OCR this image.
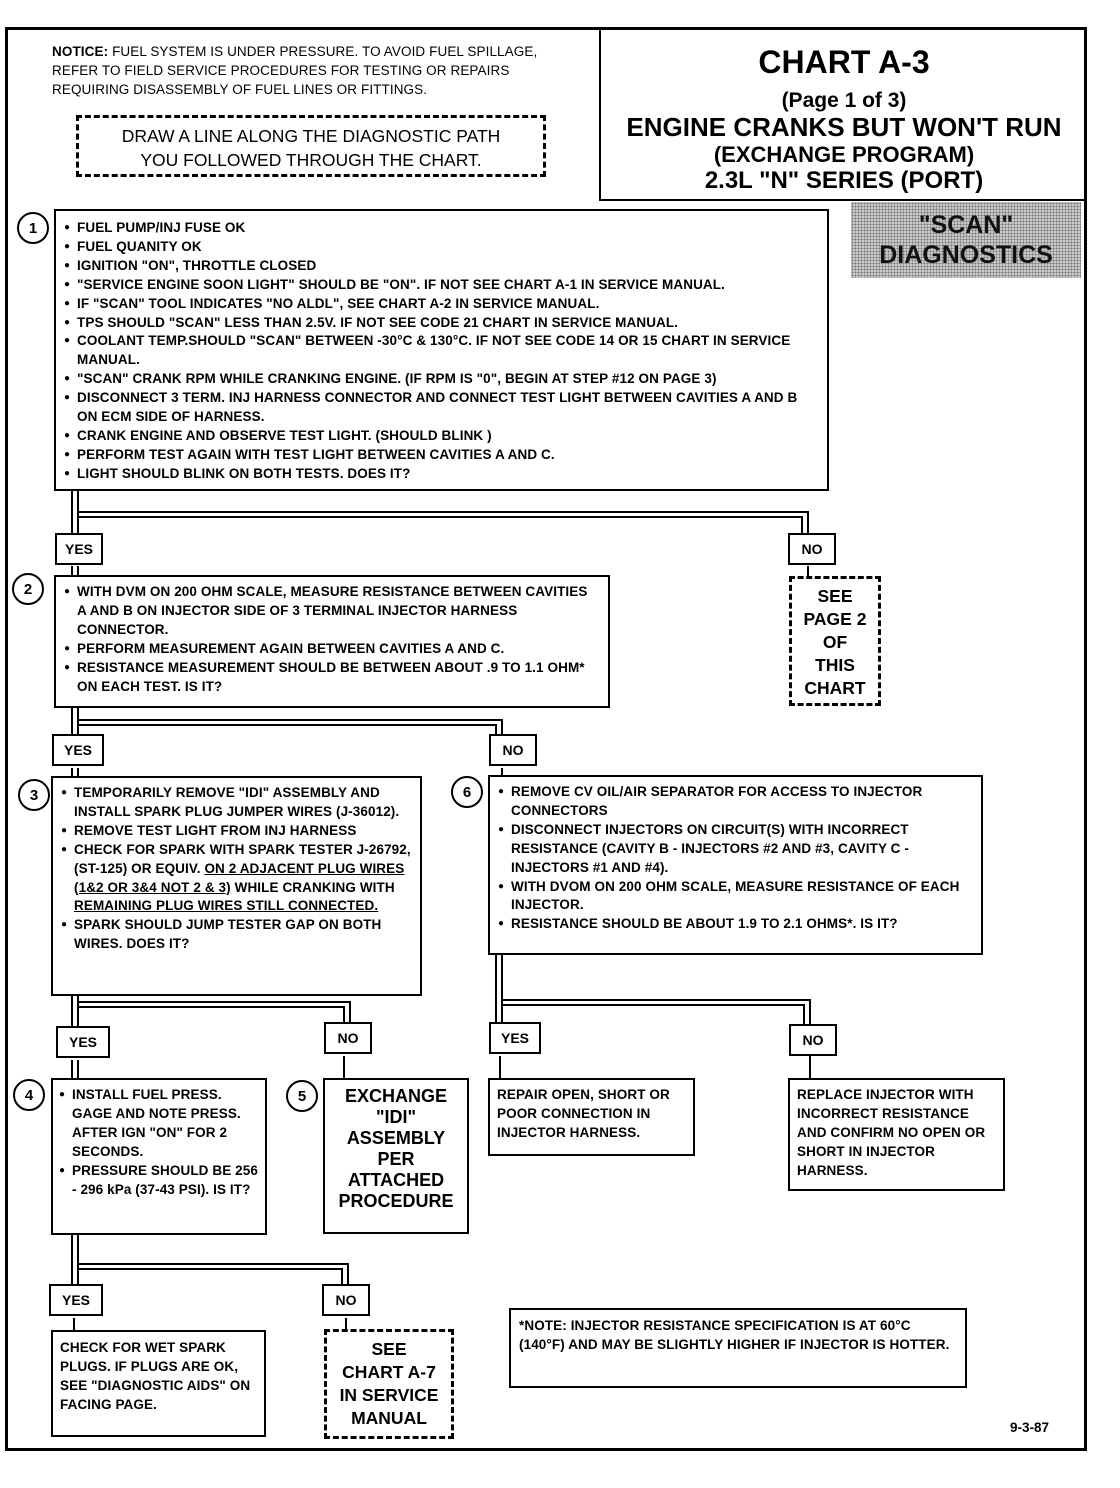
NOTICE: FUEL SYSTEM IS UNDER PRESSURE. TO AVOID FUEL SPILLAGE, REFER TO FIELD SERVICE PROCEDURES FOR TESTING OR REPAIRS REQUIRING DISASSEMBLY OF FUEL LINES OR FITTINGS.
DRAW A LINE ALONG THE DIAGNOSTIC PATH
YOU FOLLOWED THROUGH THE CHART.
CHART A-3
(Page 1 of 3)
ENGINE CRANKS BUT WON'T RUN
(EXCHANGE PROGRAM)
2.3L "N" SERIES (PORT)
"SCAN"
DIAGNOSTICS
1	● FUEL PUMP/INJ FUSE OK
● FUEL QUANITY OK
● IGNITION "ON", THROTTLE CLOSED
● "SERVICE ENGINE SOON LIGHT" SHOULD BE "ON". IF NOT SEE CHART A-1 IN SERVICE MANUAL.
● IF "SCAN" TOOL INDICATES "NO ALDL", SEE CHART A-2 IN SERVICE MANUAL.
● TPS SHOULD "SCAN" LESS THAN 2.5V. IF NOT SEE CODE 21 CHART IN SERVICE MANUAL.
● COOLANT TEMP.SHOULD "SCAN" BETWEEN -30°C & 130°C. IF NOT SEE CODE 14 OR 15 CHART IN SERVICE MANUAL.
● "SCAN" CRANK RPM WHILE CRANKING ENGINE. (IF RPM IS "0", BEGIN AT STEP #12 ON PAGE 3)
● DISCONNECT 3 TERM. INJ HARNESS CONNECTOR AND CONNECT TEST LIGHT BETWEEN CAVITIES A AND B ON ECM SIDE OF HARNESS.
● CRANK ENGINE AND OBSERVE TEST LIGHT. (SHOULD BLINK )
● PERFORM TEST AGAIN WITH TEST LIGHT BETWEEN CAVITIES A AND C.
● LIGHT SHOULD BLINK ON BOTH TESTS. DOES IT?
YES	NO
SEE
PAGE 2
OF
THIS
CHART
2	● WITH DVM ON 200 OHM SCALE, MEASURE RESISTANCE BETWEEN CAVITIES A AND B ON INJECTOR SIDE OF 3 TERMINAL INJECTOR HARNESS CONNECTOR.
● PERFORM MEASUREMENT AGAIN BETWEEN CAVITIES A AND C.
● RESISTANCE MEASUREMENT SHOULD BE BETWEEN ABOUT .9 TO 1.1 OHM* ON EACH TEST. IS IT?
YES	NO
3	● TEMPORARILY REMOVE "IDI" ASSEMBLY AND INSTALL SPARK PLUG JUMPER WIRES (J-36012).
● REMOVE TEST LIGHT FROM INJ HARNESS
● CHECK FOR SPARK WITH SPARK TESTER J-26792, (ST-125) OR EQUIV. ON 2 ADJACENT PLUG WIRES (1&2 OR 3&4 NOT 2 & 3) WHILE CRANKING WITH REMAINING PLUG WIRES STILL CONNECTED.
● SPARK SHOULD JUMP TESTER GAP ON BOTH WIRES. DOES IT?
6	● REMOVE CV OIL/AIR SEPARATOR FOR ACCESS TO INJECTOR CONNECTORS
● DISCONNECT INJECTORS ON CIRCUIT(S) WITH INCORRECT RESISTANCE (CAVITY B - INJECTORS #2 AND #3, CAVITY C - INJECTORS #1 AND #4).
● WITH DVOM ON 200 OHM SCALE, MEASURE RESISTANCE OF EACH INJECTOR.
● RESISTANCE SHOULD BE ABOUT 1.9 TO 2.1 OHMS*. IS IT?
YES	NO	YES	NO
4	● INSTALL FUEL PRESS. GAGE AND NOTE PRESS. AFTER IGN "ON" FOR 2 SECONDS.
● PRESSURE SHOULD BE 256 - 296 kPa (37-43 PSI). IS IT?
5	EXCHANGE
"IDI"
ASSEMBLY
PER
ATTACHED
PROCEDURE
REPAIR OPEN, SHORT OR POOR CONNECTION IN INJECTOR HARNESS.
REPLACE INJECTOR WITH INCORRECT RESISTANCE AND CONFIRM NO OPEN OR SHORT IN INJECTOR HARNESS.
YES	NO
CHECK FOR WET SPARK PLUGS. IF PLUGS ARE OK, SEE "DIAGNOSTIC AIDS" ON FACING PAGE.
SEE
CHART A-7
IN SERVICE
MANUAL
*NOTE: INJECTOR RESISTANCE SPECIFICATION IS AT 60°C (140°F) AND MAY BE SLIGHTLY HIGHER IF INJECTOR IS HOTTER.
9-3-87
